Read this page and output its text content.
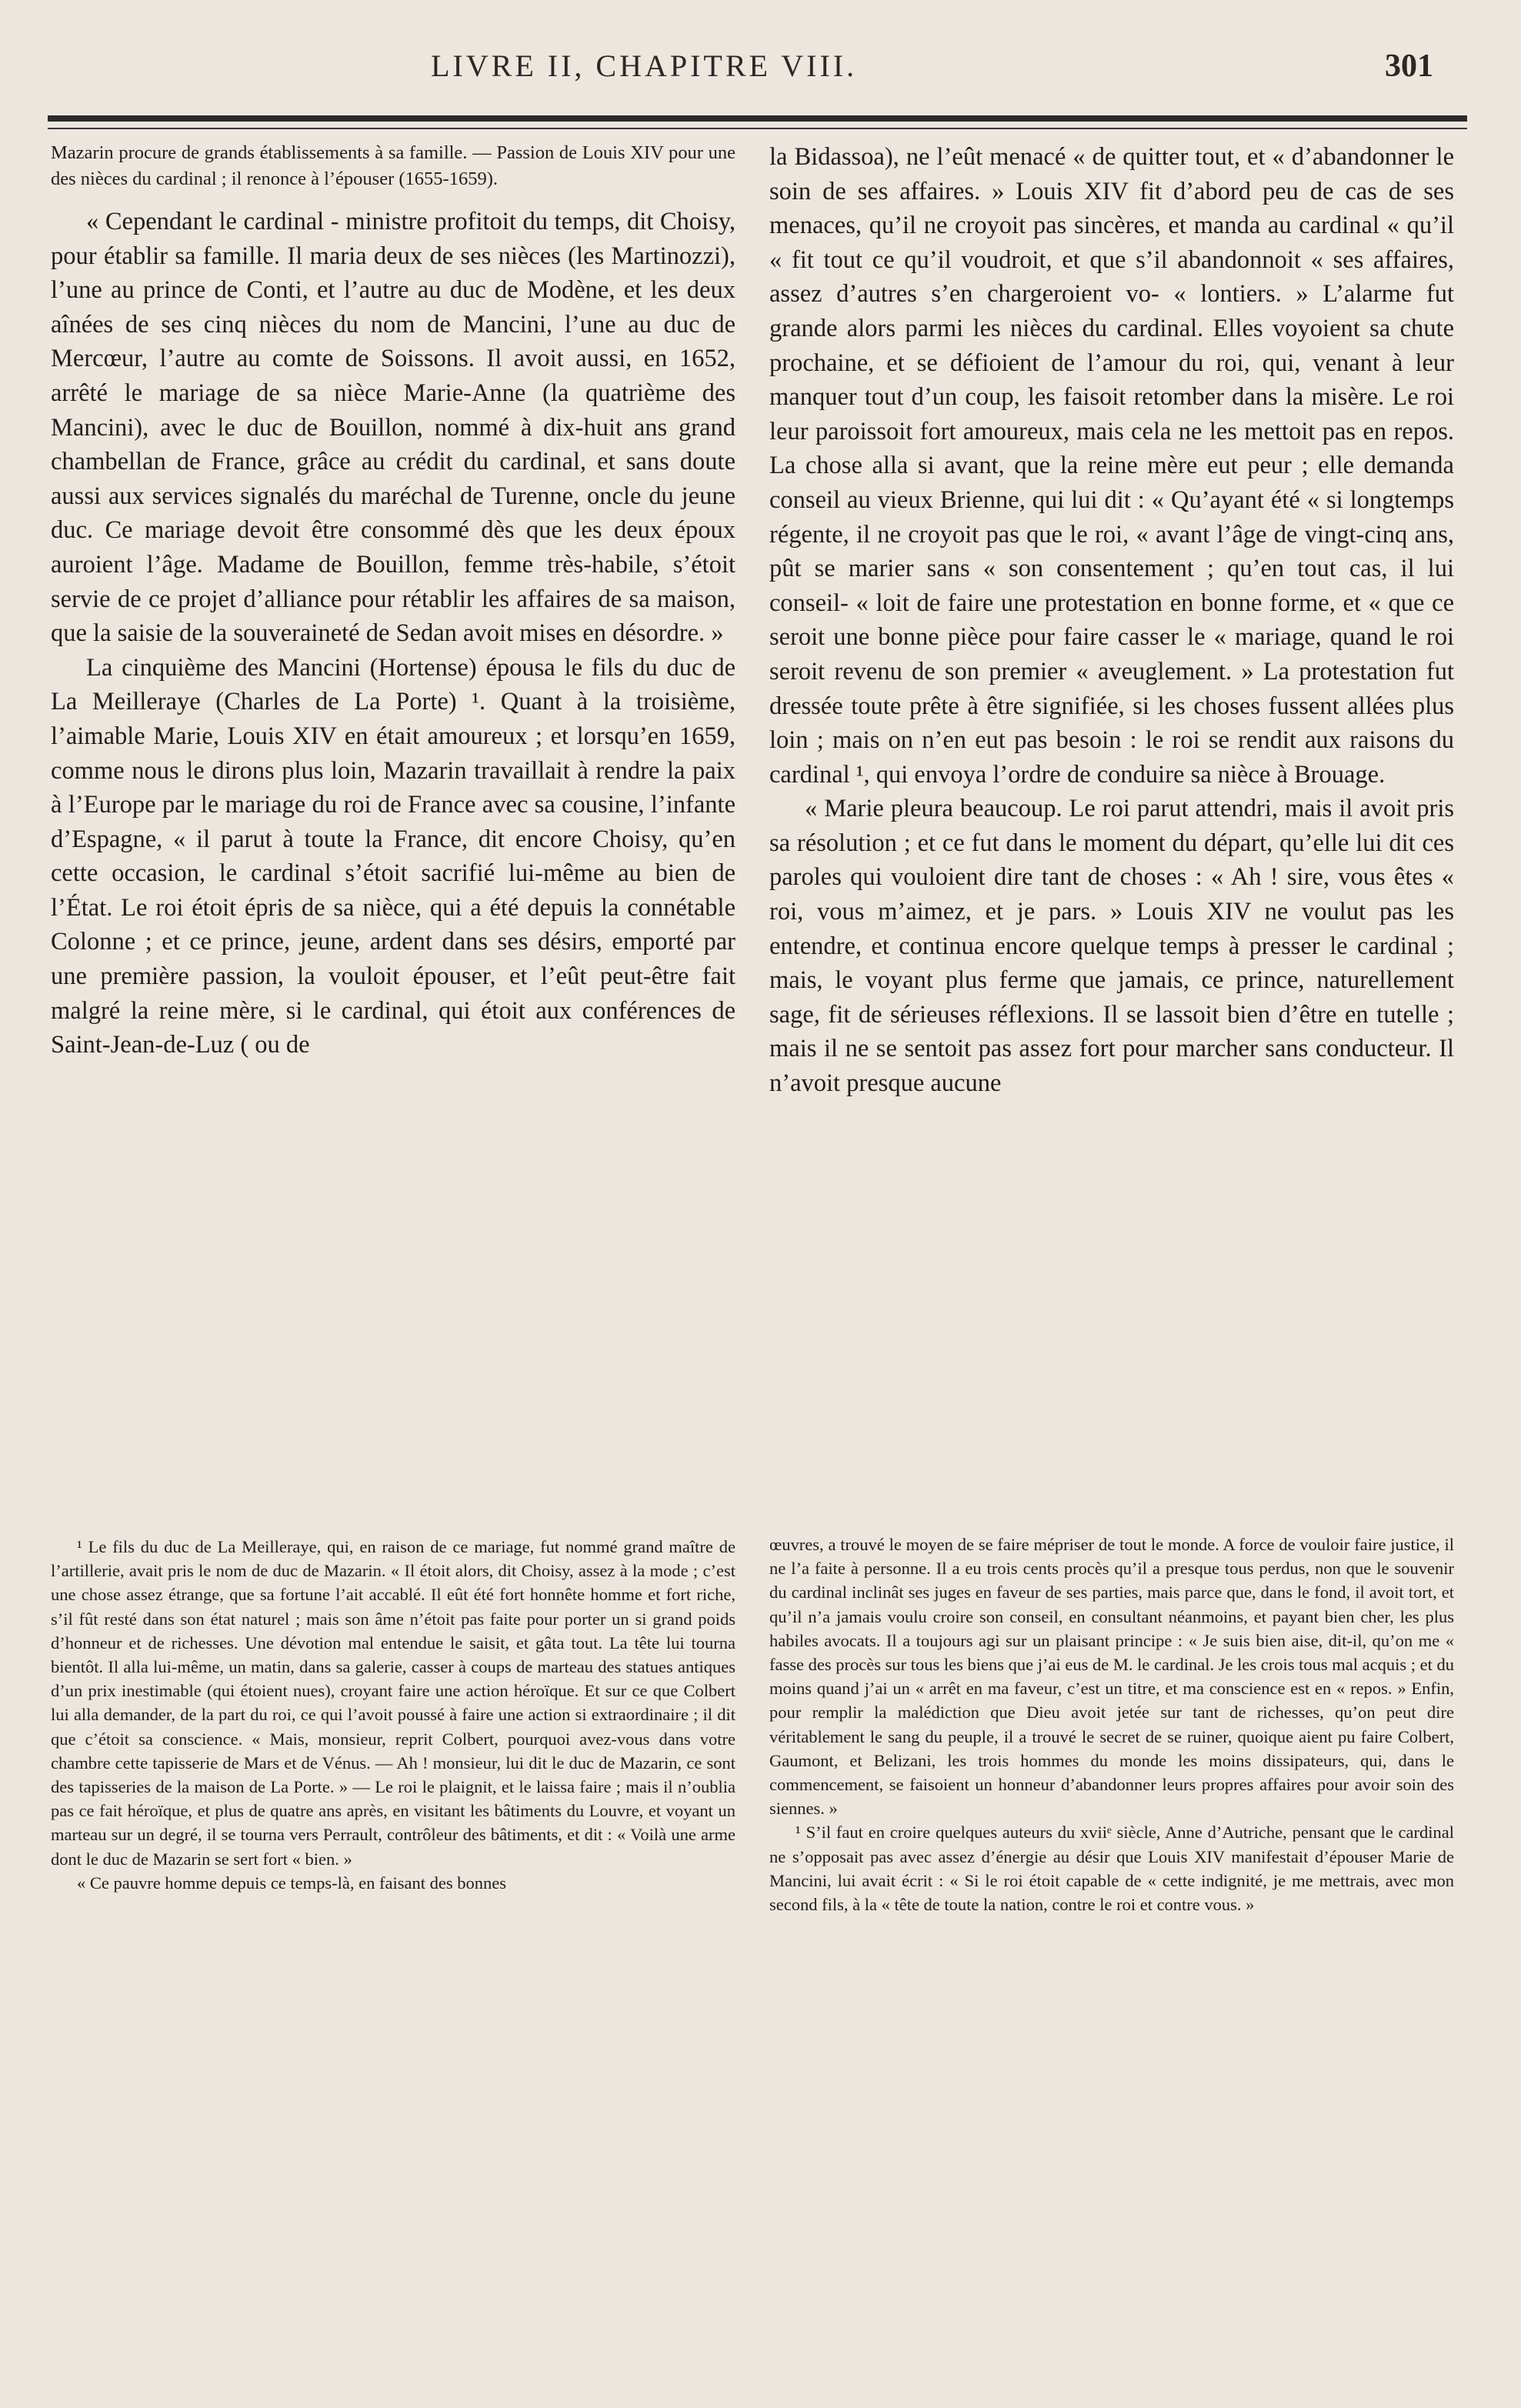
LIVRE II, CHAPITRE VIII.	301

Mazarin procure de grands établissements à sa famille. — Passion de Louis XIV pour une des nièces du cardinal ; il renonce à l’épouser (1655-1659).

« Cependant le cardinal - ministre profitoit du temps, dit Choisy, pour établir sa famille. Il maria deux de ses nièces (les Martinozzi), l’une au prince de Conti, et l’autre au duc de Modène, et les deux aînées de ses cinq nièces du nom de Mancini, l’une au duc de Mercœur, l’autre au comte de Soissons. Il avoit aussi, en 1652, arrêté le mariage de sa nièce Marie-Anne (la quatrième des Mancini), avec le duc de Bouillon, nommé à dix-huit ans grand chambellan de France, grâce au crédit du cardinal, et sans doute aussi aux services signalés du maréchal de Turenne, oncle du jeune duc. Ce mariage devoit être consommé dès que les deux époux auroient l’âge. Madame de Bouillon, femme très-habile, s’étoit servie de ce projet d’alliance pour rétablir les affaires de sa maison, que la saisie de la souveraineté de Sedan avoit mises en désordre. »

La cinquième des Mancini (Hortense) épousa le fils du duc de La Meilleraye (Charles de La Porte) ¹. Quant à la troisième, l’aimable Marie, Louis XIV en était amoureux ; et lorsqu’en 1659, comme nous le dirons plus loin, Mazarin travaillait à rendre la paix à l’Europe par le mariage du roi de France avec sa cousine, l’infante d’Espagne, « il parut à toute la France, dit encore Choisy, qu’en cette occasion, le cardinal s’étoit sacrifié lui-même au bien de l’État. Le roi étoit épris de sa nièce, qui a été depuis la connétable Colonne ; et ce prince, jeune, ardent dans ses désirs, emporté par une première passion, la vouloit épouser, et l’eût peut-être fait malgré la reine mère, si le cardinal, qui étoit aux conférences de Saint-Jean-de-Luz ( ou de

la Bidassoa), ne l’eût menacé « de quitter tout, et « d’abandonner le soin de ses affaires. » Louis XIV fit d’abord peu de cas de ses menaces, qu’il ne croyoit pas sincères, et manda au cardinal « qu’il « fit tout ce qu’il voudroit, et que s’il abandonnoit « ses affaires, assez d’autres s’en chargeroient vo- « lontiers. » L’alarme fut grande alors parmi les nièces du cardinal. Elles voyoient sa chute prochaine, et se défioient de l’amour du roi, qui, venant à leur manquer tout d’un coup, les faisoit retomber dans la misère. Le roi leur paroissoit fort amoureux, mais cela ne les mettoit pas en repos. La chose alla si avant, que la reine mère eut peur ; elle demanda conseil au vieux Brienne, qui lui dit : « Qu’ayant été « si longtemps régente, il ne croyoit pas que le roi, « avant l’âge de vingt-cinq ans, pût se marier sans « son consentement ; qu’en tout cas, il lui conseil- « loit de faire une protestation en bonne forme, et « que ce seroit une bonne pièce pour faire casser le « mariage, quand le roi seroit revenu de son premier « aveuglement. » La protestation fut dressée toute prête à être signifiée, si les choses fussent allées plus loin ; mais on n’en eut pas besoin : le roi se rendit aux raisons du cardinal ¹, qui envoya l’ordre de conduire sa nièce à Brouage.

« Marie pleura beaucoup. Le roi parut attendri, mais il avoit pris sa résolution ; et ce fut dans le moment du départ, qu’elle lui dit ces paroles qui vouloient dire tant de choses : « Ah ! sire, vous êtes « roi, vous m’aimez, et je pars. » Louis XIV ne voulut pas les entendre, et continua encore quelque temps à presser le cardinal ; mais, le voyant plus ferme que jamais, ce prince, naturellement sage, fit de sérieuses réflexions. Il se lassoit bien d’être en tutelle ; mais il ne se sentoit pas assez fort pour marcher sans conducteur. Il n’avoit presque aucune

¹ Le fils du duc de La Meilleraye, qui, en raison de ce mariage, fut nommé grand maître de l’artillerie, avait pris le nom de duc de Mazarin. « Il étoit alors, dit Choisy, assez à la mode ; c’est une chose assez étrange, que sa fortune l’ait accablé. Il eût été fort honnête homme et fort riche, s’il fût resté dans son état naturel ; mais son âme n’étoit pas faite pour porter un si grand poids d’honneur et de richesses. Une dévotion mal entendue le saisit, et gâta tout. La tête lui tourna bientôt. Il alla lui-même, un matin, dans sa galerie, casser à coups de marteau des statues antiques d’un prix inestimable (qui étoient nues), croyant faire une action héroïque. Et sur ce que Colbert lui alla demander, de la part du roi, ce qui l’avoit poussé à faire une action si extraordinaire ; il dit que c’étoit sa conscience. « Mais, monsieur, reprit Colbert, pourquoi avez-vous dans votre chambre cette tapisserie de Mars et de Vénus. — Ah ! monsieur, lui dit le duc de Mazarin, ce sont des tapisseries de la maison de La Porte. » — Le roi le plaignit, et le laissa faire ; mais il n’oublia pas ce fait héroïque, et plus de quatre ans après, en visitant les bâtiments du Louvre, et voyant un marteau sur un degré, il se tourna vers Perrault, contrôleur des bâtiments, et dit : « Voilà une arme dont le duc de Mazarin se sert fort « bien. »

« Ce pauvre homme depuis ce temps-là, en faisant des bonnes

œuvres, a trouvé le moyen de se faire mépriser de tout le monde. A force de vouloir faire justice, il ne l’a faite à personne. Il a eu trois cents procès qu’il a presque tous perdus, non que le souvenir du cardinal inclinât ses juges en faveur de ses parties, mais parce que, dans le fond, il avoit tort, et qu’il n’a jamais voulu croire son conseil, en consultant néanmoins, et payant bien cher, les plus habiles avocats. Il a toujours agi sur un plaisant principe : « Je suis bien aise, dit-il, qu’on me « fasse des procès sur tous les biens que j’ai eus de M. le cardinal. Je les crois tous mal acquis ; et du moins quand j’ai un « arrêt en ma faveur, c’est un titre, et ma conscience est en « repos. » Enfin, pour remplir la malédiction que Dieu avoit jetée sur tant de richesses, qu’on peut dire véritablement le sang du peuple, il a trouvé le secret de se ruiner, quoique aient pu faire Colbert, Gaumont, et Belizani, les trois hommes du monde les moins dissipateurs, qui, dans le commencement, se faisoient un honneur d’abandonner leurs propres affaires pour avoir soin des siennes. »

¹ S’il faut en croire quelques auteurs du xviiᵉ siècle, Anne d’Autriche, pensant que le cardinal ne s’opposait pas avec assez d’énergie au désir que Louis XIV manifestait d’épouser Marie de Mancini, lui avait écrit : « Si le roi étoit capable de « cette indignité, je me mettrais, avec mon second fils, à la « tête de toute la nation, contre le roi et contre vous. »
